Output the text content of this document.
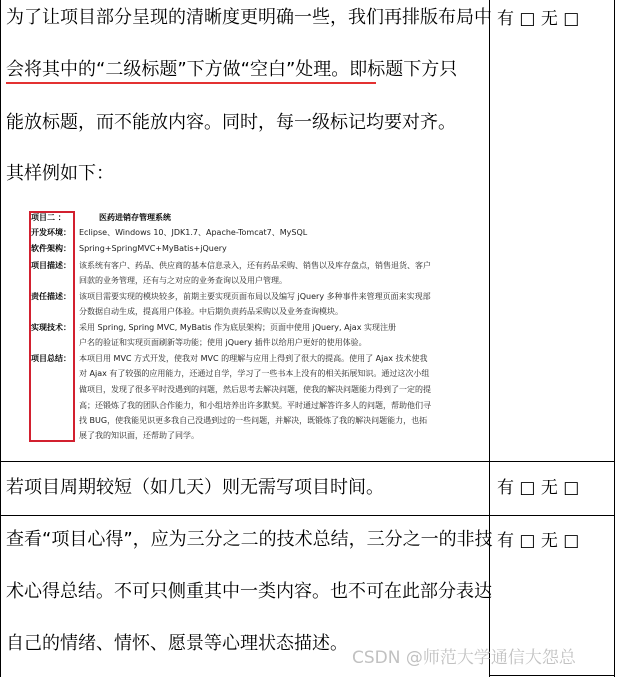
为了让项目部分呈现的清晰度更明确一些，我们再排版布局中
会将其中的“二级标题”下方做“空白”处理。即标题下方只
能放标题，而不能放内容。同时，每一级标记均要对齐。
其样例如下：
有 □ 无 □
项目二 ：	医药进销存管理系统
开发环境： Eclipse、Windows 10、JDK1.7、Apache-Tomcat7、MySQL
软件架构： Spring+SpringMVC+MyBatis+jQuery
项目描述： 该系统有客户、药品、供应商的基本信息录入，还有药品采购、销售以及库存盘点，销售退货、客户
回款的业务管理，还有与之对应的业务查询以及用户管理。
责任描述： 该项目需要实现的模块较多，前期主要实现页面布局以及编写 jQuery 多种事件来管理页面来实现部
分数据自动生成，提高用户体验。中后期负责药品采购以及业务查询模块。
实现技术： 采用 Spring, Spring MVC, MyBatis 作为底层架构；页面中使用 jQuery, Ajax 实现注册
户名的验证和实现页面刷新等功能；使用 jQuery 插件以给用户更好的使用体验。
项目总结： 本项目用 MVC 方式开发，使我对 MVC 的理解与应用上得到了很大的提高。使用了 Ajax 技术使我
对 Ajax 有了较强的应用能力，还通过自学，学习了一些书本上没有的相关拓展知识。通过这次小组
做项目，发现了很多平时没遇到的问题，然后思考去解决问题，使我的解决问题能力得到了一定的提
高；还锻炼了我的团队合作能力，和小组培养出许多默契。平时通过解答许多人的问题，帮助他们寻
找 BUG，使我能见识更多我自己没遇到过的一些问题，并解决，既锻炼了我的解决问题能力，也拓
展了我的知识面，还帮助了同学。
若项目周期较短（如几天）则无需写项目时间。	有 □ 无 □
查看“项目心得”，应为三分之二的技术总结，三分之一的非技
术心得总结。不可只侧重其中一类内容。也不可在此部分表达
自己的情绪、情怀、愿景等心理状态描述。
有 □ 无 □
CSDN @师范大学通信大怨总
